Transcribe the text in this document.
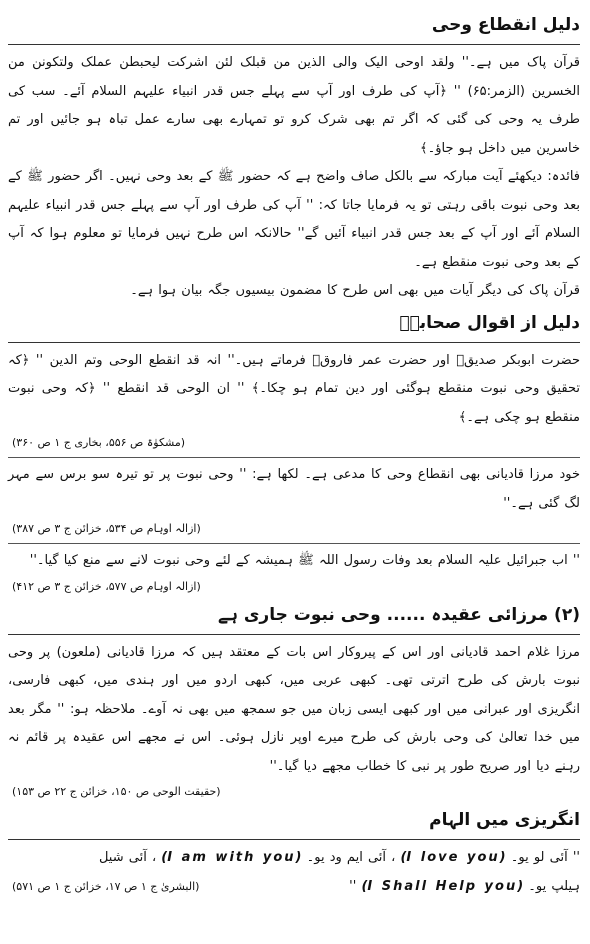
دلیل انقطاع وحی

قرآن پاک میں ہے۔'' ولقد اوحی الیک والی الذین من قبلک لئن اشرکت لیحبطن عملک ولتکونن من الخسرین (الزمر:۶۵) '' ﴿آپ کی طرف اور آپ سے پہلے جس قدر انبیاء علیہم السلام آئے۔ سب کی طرف یہ وحی کی گئی کہ اگر تم بھی شرک کرو تو تمہارے بھی سارے عمل تباہ ہو جائیں اور تم خاسرین میں داخل ہو جاؤ۔﴾

فائدہ: دیکھئے آیت مبارکہ سے بالکل صاف واضح ہے کہ حضور ﷺ کے بعد وحی نہیں۔ اگر حضور ﷺ کے بعد وحی نبوت باقی رہتی تو یہ فرمایا جاتا کہ: '' آپ کی طرف اور آپ سے پہلے جس قدر انبیاء علیہم السلام آئے اور آپ کے بعد جس قدر انبیاء آئیں گے'' حالانکہ اس طرح نہیں فرمایا تو معلوم ہوا کہ آپ کے بعد وحی نبوت منقطع ہے۔

قرآن پاک کی دیگر آیات میں بھی اس طرح کا مضمون بیسیوں جگہ بیان ہوا ہے۔

دلیل از اقوال صحابہؓ

حضرت ابوبکر صدیقؓ اور حضرت عمر فاروقؓ فرماتے ہیں۔'' انہ قد انقطع الوحی وتم الدین '' ﴿کہ تحقیق وحی نبوت منقطع ہوگئی اور دین تمام ہو چکا۔﴾ '' ان الوحی قد انقطع '' ﴿کہ وحی نبوت منقطع ہو چکی ہے۔﴾

(مشکوٰۃ ص ۵۵۶، بخاری ج ۱ ص ۳۶۰)

خود مرزا قادیانی بھی انقطاع وحی کا مدعی ہے۔ لکھا ہے: '' وحی نبوت پر تو تیرہ سو برس سے مہر لگ گئی ہے۔''

(ازالہ اوہام ص ۵۳۴، خزائن ج ۳ ص ۳۸۷)

'' اب جبرائیل علیہ السلام بعد وفات رسول اللہ ﷺ ہمیشہ کے لئے وحی نبوت لانے سے منع کیا گیا۔''

(ازالہ اوہام ص ۵۷۷، خزائن ج ۳ ص ۴۱۲)

(۲) مرزائی عقیدہ ...... وحی نبوت جاری ہے

مرزا غلام احمد قادیانی اور اس کے پیروکار اس بات کے معتقد ہیں کہ مرزا قادیانی (ملعون) پر وحی نبوت بارش کی طرح اترتی تھی۔ کبھی عربی میں، کبھی اردو میں اور ہندی میں، کبھی فارسی، انگریزی اور عبرانی میں اور کبھی ایسی زبان میں جو سمجھ میں بھی نہ آوے۔ ملاحظہ ہو: '' مگر بعد میں خدا تعالیٰ کی وحی بارش کی طرح میرے اوپر نازل ہوئی۔ اس نے مجھے اس عقیدہ پر قائم نہ رہنے دیا اور صریح طور پر نبی کا خطاب مجھے دیا گیا۔''

(حقیقت الوحی ص ۱۵۰، خزائن ج ۲۲ ص ۱۵۳)

انگریزی میں الہام

'' آئی لو یو۔ (I love you) ، آئی ایم ود یو۔ (I am with you) ، آئی شیل

ہیلپ یو۔ (I Shall Help you) ''
(البشریٰ ج ۱ ص ۱۷، خزائن ج ۱ ص ۵۷۱)
